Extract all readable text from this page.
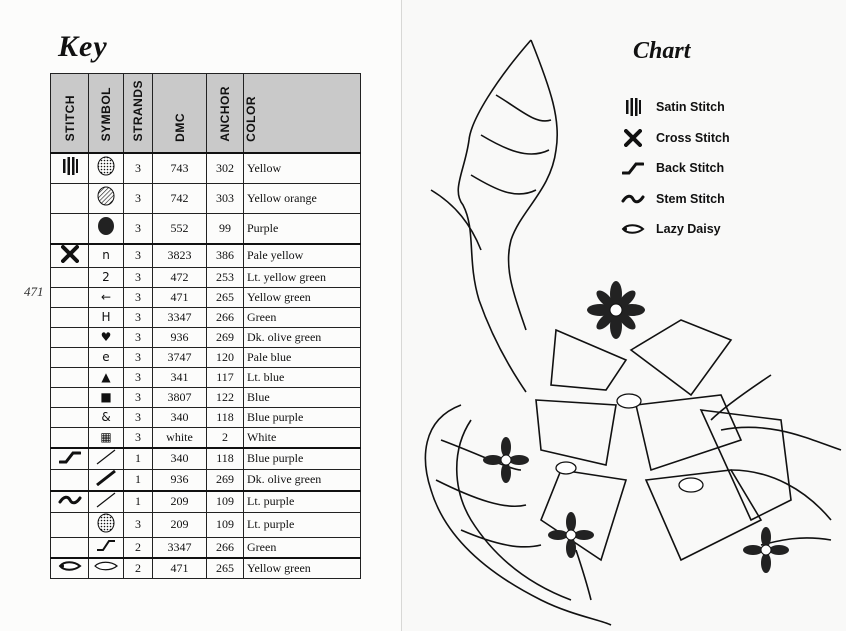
Key
471
STITCH	SYMBOL	STRANDS	DMC	ANCHOR	COLOR
		3	743	302	Yellow
		3	742	303	Yellow orange
		3	552	99	Purple
	n	3	3823	386	Pale yellow
	2	3	472	253	Lt. yellow green
	←	3	471	265	Yellow green
	H	3	3347	266	Green
	♥	3	936	269	Dk. olive green
	e	3	3747	120	Pale blue
	▲	3	341	117	Lt. blue
	■	3	3807	122	Blue
	&	3	340	118	Blue purple
	▦	3	white	2	White
		1	340	118	Blue purple
		1	936	269	Dk. olive green
		1	209	109	Lt. purple
		3	209	109	Lt. purple
		2	3347	266	Green
		2	471	265	Yellow green
Chart
Satin Stitch
Cross Stitch
Back Stitch
Stem Stitch
Lazy Daisy
